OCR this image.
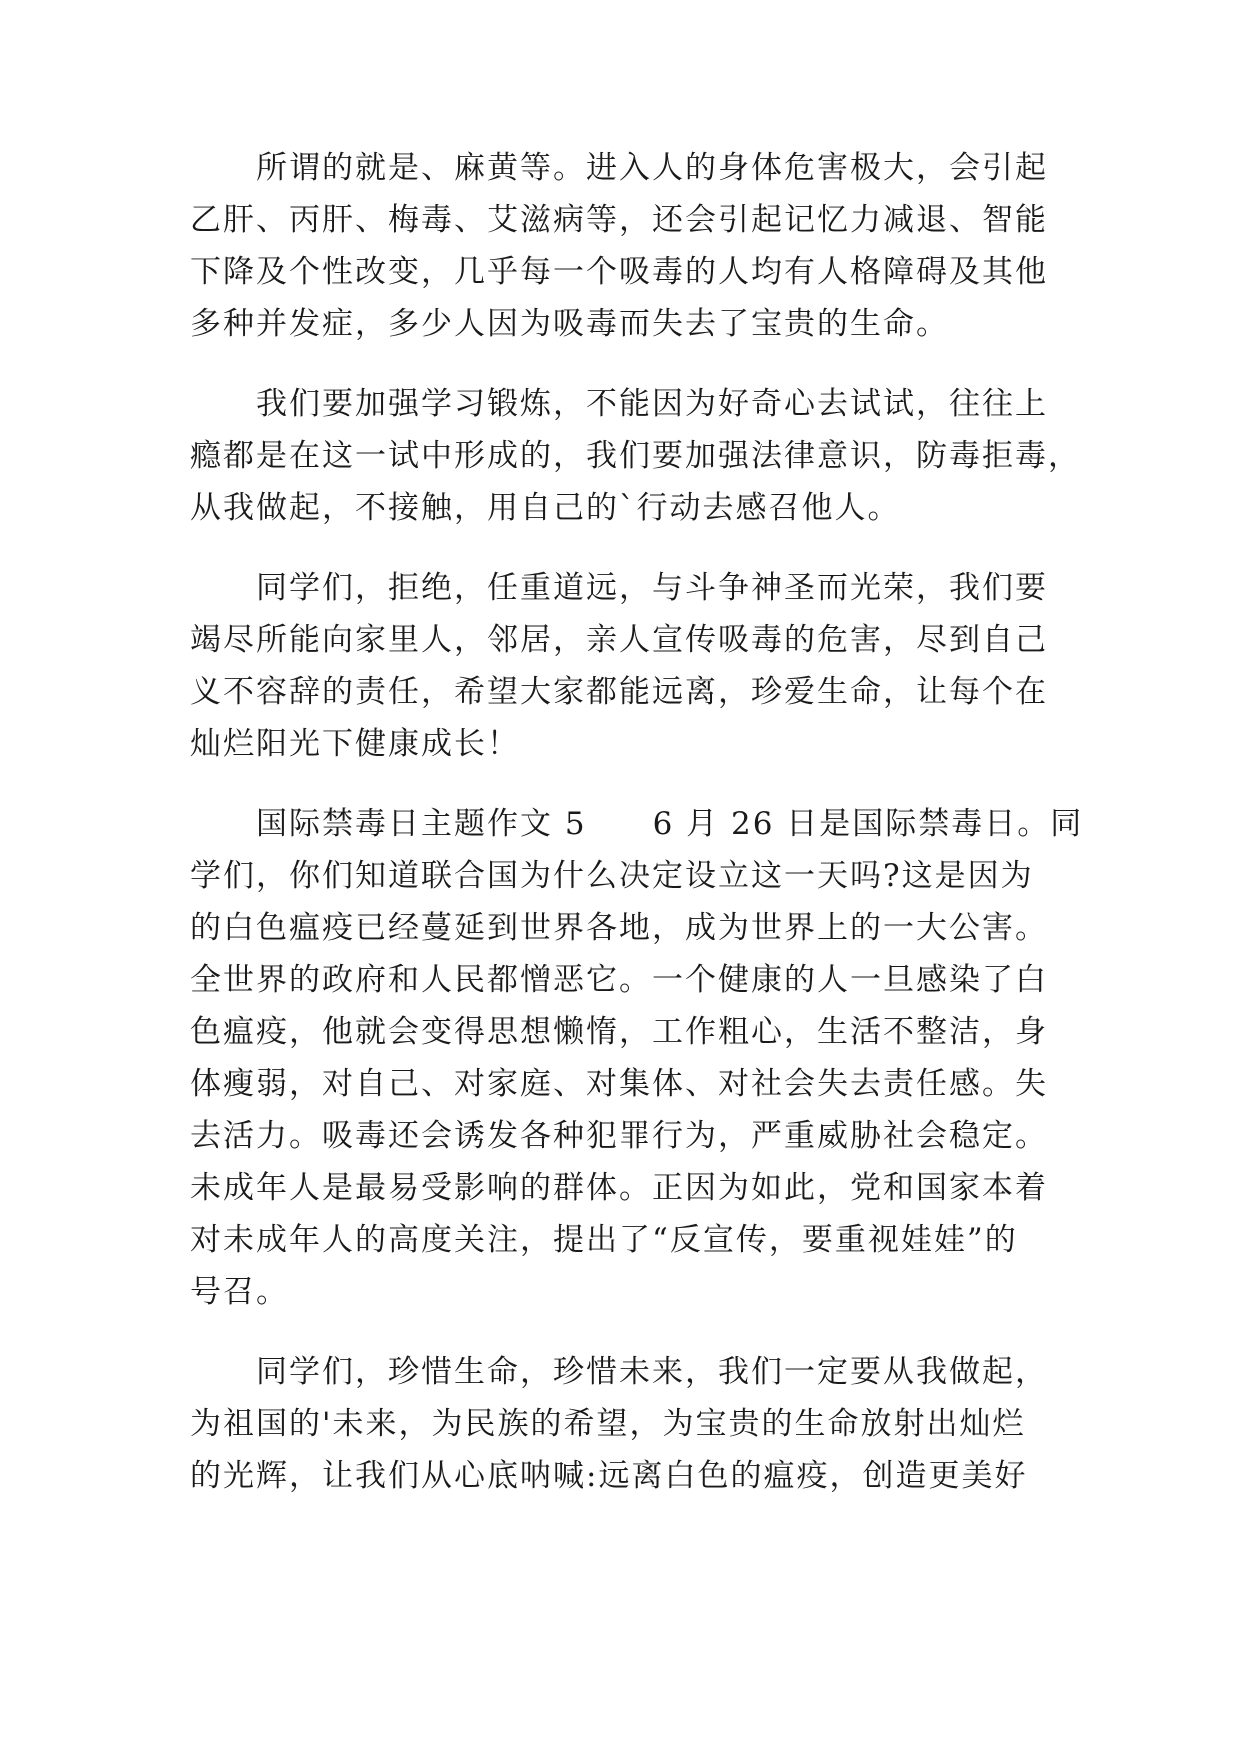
所谓的就是、麻黄等。进入人的身体危害极大，会引起
乙肝、丙肝、梅毒、艾滋病等，还会引起记忆力减退、智能
下降及个性改变，几乎每一个吸毒的人均有人格障碍及其他
多种并发症，多少人因为吸毒而失去了宝贵的生命。
我们要加强学习锻炼，不能因为好奇心去试试，往往上
瘾都是在这一试中形成的，我们要加强法律意识，防毒拒毒，
从我做起，不接触，用自己的`行动去感召他人。
同学们，拒绝，任重道远，与斗争神圣而光荣，我们要
竭尽所能向家里人，邻居，亲人宣传吸毒的危害，尽到自己
义不容辞的责任，希望大家都能远离，珍爱生命，让每个在
灿烂阳光下健康成长！
国际禁毒日主题作文 5　　6 月 26 日是国际禁毒日。同
学们，你们知道联合国为什么决定设立这一天吗?这是因为
的白色瘟疫已经蔓延到世界各地，成为世界上的一大公害。
全世界的政府和人民都憎恶它。一个健康的人一旦感染了白
色瘟疫，他就会变得思想懒惰，工作粗心，生活不整洁，身
体瘦弱，对自己、对家庭、对集体、对社会失去责任感。失
去活力。吸毒还会诱发各种犯罪行为，严重威胁社会稳定。
未成年人是最易受影响的群体。正因为如此，党和国家本着
对未成年人的高度关注，提出了“反宣传，要重视娃娃”的
号召。
同学们，珍惜生命，珍惜未来，我们一定要从我做起，
为祖国的'未来，为民族的希望，为宝贵的生命放射出灿烂
的光辉，让我们从心底呐喊:远离白色的瘟疫，创造更美好
